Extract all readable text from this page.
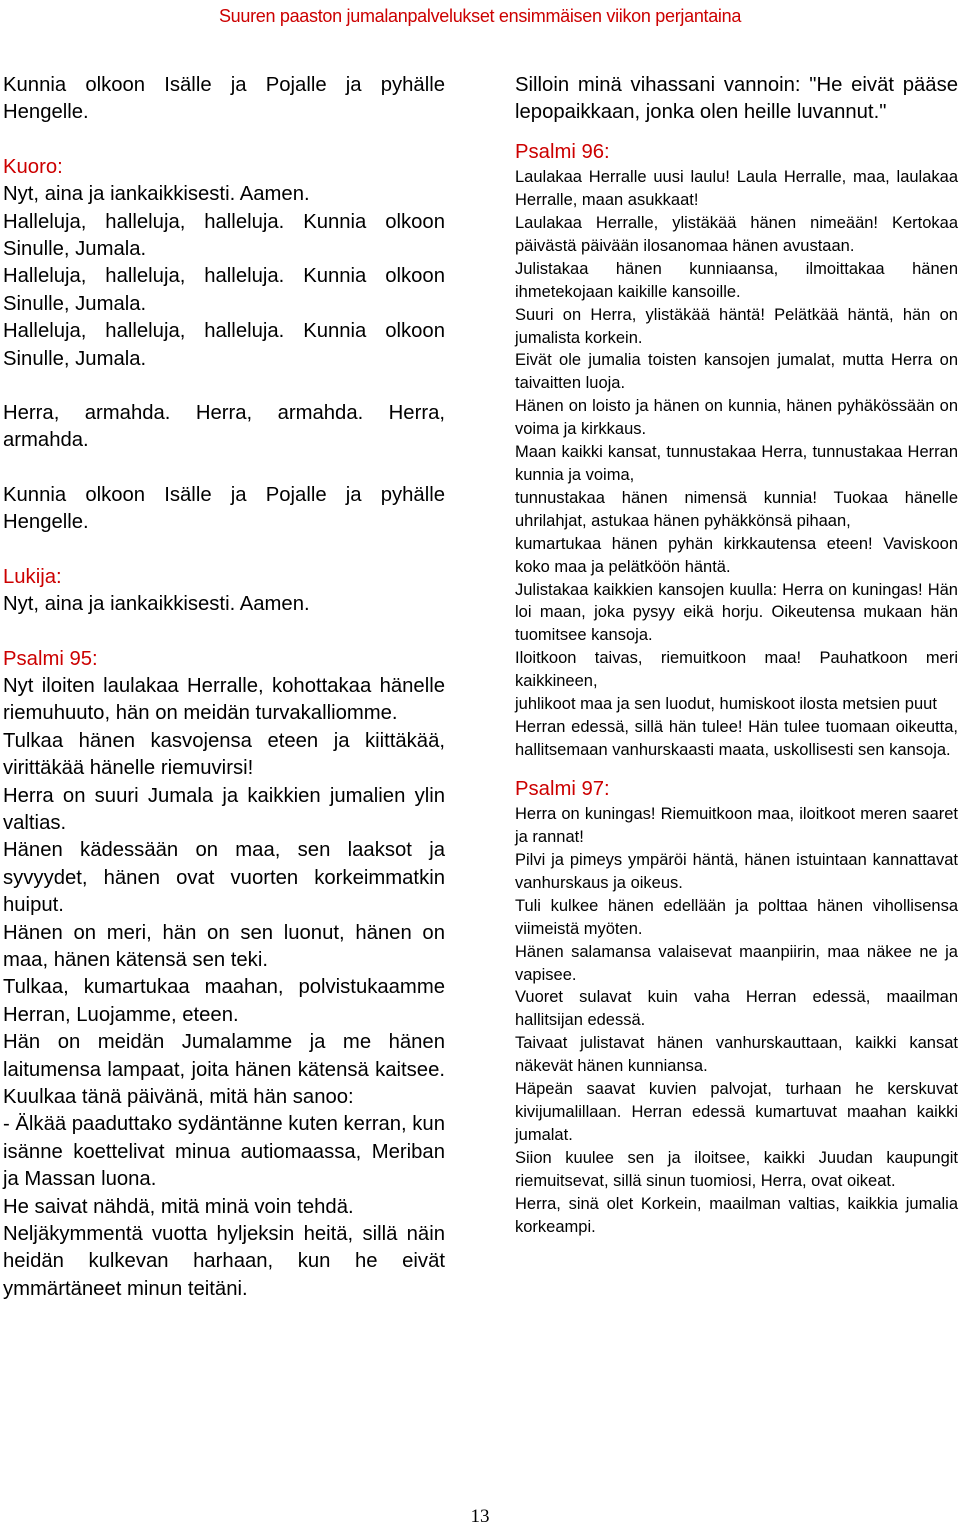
Suuren paaston jumalanpalvelukset ensimmäisen viikon perjantaina

Kunnia olkoon Isälle ja Pojalle ja pyhälle Hengelle.

Kuoro:

Nyt, aina ja iankaikkisesti. Aamen.

Halleluja, halleluja, halleluja. Kunnia olkoon Sinulle, Jumala.

Halleluja, halleluja, halleluja. Kunnia olkoon Sinulle, Jumala.

Halleluja, halleluja, halleluja. Kunnia olkoon Sinulle, Jumala.

Herra, armahda. Herra, armahda. Herra, armahda.

Kunnia olkoon Isälle ja Pojalle ja pyhälle Hengelle.

Lukija:

Nyt, aina ja iankaikkisesti. Aamen.

Psalmi 95:

Nyt iloiten laulakaa Herralle, kohottakaa hänelle riemuhuuto, hän on meidän turvakalliomme.

Tulkaa hänen kasvojensa eteen ja kiittäkää, virittäkää hänelle riemuvirsi!

Herra on suuri Jumala ja kaikkien jumalien ylin valtias.

Hänen kädessään on maa, sen laaksot ja syvyydet, hänen ovat vuorten korkeimmatkin huiput.

Hänen on meri, hän on sen luonut, hänen on maa, hänen kätensä sen teki.

Tulkaa, kumartukaa maahan, polvistukaamme Herran, Luojamme, eteen.

Hän on meidän Jumalamme ja me hänen laitumensa lampaat, joita hänen kätensä kaitsee. Kuulkaa tänä päivänä, mitä hän sanoo:

- Älkää paaduttako sydäntänne kuten kerran, kun isänne koettelivat minua autiomaassa, Meriban ja Massan luona.

He saivat nähdä, mitä minä voin tehdä.

Neljäkymmentä vuotta hyljeksin heitä, sillä näin heidän kulkevan harhaan, kun he eivät ymmärtäneet minun teitäni.

Silloin minä vihassani vannoin: "He eivät pääse lepopaikkaan, jonka olen heille luvannut."

Psalmi 96:

Laulakaa Herralle uusi laulu! Laula Herralle, maa, laulakaa Herralle, maan asukkaat!

Laulakaa Herralle, ylistäkää hänen nimeään! Kertokaa päivästä päivään ilosanomaa hänen avustaan.

Julistakaa hänen kunniaansa, ilmoittakaa hänen ihmetekojaan kaikille kansoille.

Suuri on Herra, ylistäkää häntä! Pelätkää häntä, hän on jumalista korkein.

Eivät ole jumalia toisten kansojen jumalat, mutta Herra on taivaitten luoja.

Hänen on loisto ja hänen on kunnia, hänen pyhäkössään on voima ja kirkkaus.

Maan kaikki kansat, tunnustakaa Herra, tunnustakaa Herran kunnia ja voima,

tunnustakaa hänen nimensä kunnia! Tuokaa hänelle uhrilahjat, astukaa hänen pyhäkkönsä pihaan,

kumartukaa hänen pyhän kirkkautensa eteen! Vaviskoon koko maa ja pelätköön häntä.

Julistakaa kaikkien kansojen kuulla: Herra on kuningas! Hän loi maan, joka pysyy eikä horju. Oikeutensa mukaan hän tuomitsee kansoja.

Iloitkoon taivas, riemuitkoon maa! Pauhatkoon meri kaikkineen,

juhlikoot maa ja sen luodut, humiskoot ilosta metsien puut

Herran edessä, sillä hän tulee! Hän tulee tuomaan oikeutta, hallitsemaan vanhurskaasti maata, uskollisesti sen kansoja.

Psalmi 97:

Herra on kuningas! Riemuitkoon maa, iloitkoot meren saaret ja rannat!

Pilvi ja pimeys ympäröi häntä, hänen istuintaan kannattavat vanhurskaus ja oikeus.

Tuli kulkee hänen edellään ja polttaa hänen vihollisensa viimeistä myöten.

Hänen salamansa valaisevat maanpiirin, maa näkee ne ja vapisee.

Vuoret sulavat kuin vaha Herran edessä, maailman hallitsijan edessä.

Taivaat julistavat hänen vanhurskauttaan, kaikki kansat näkevät hänen kunniansa.

Häpeän saavat kuvien palvojat, turhaan he kerskuvat kivijumalillaan. Herran edessä kumartuvat maahan kaikki jumalat.

Siion kuulee sen ja iloitsee, kaikki Juudan kaupungit riemuitsevat, sillä sinun tuomiosi, Herra, ovat oikeat.

Herra, sinä olet Korkein, maailman valtias, kaikkia jumalia korkeampi.

13
